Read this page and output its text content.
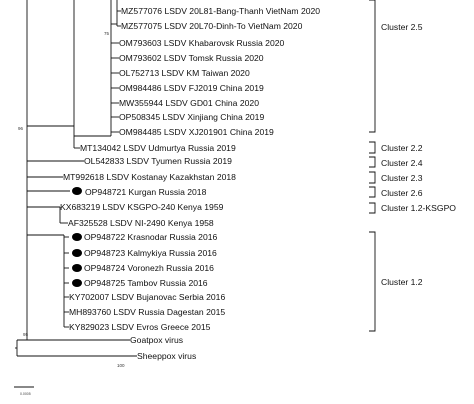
MZ577076 LSDV 20L81-Bang-Thanh VietNam 2020
MZ577075 LSDV 20L70-Dinh-To VietNam 2020
OM793603 LSDV Khabarovsk Russia 2020
OM793602 LSDV Tomsk Russia 2020
OL752713 LSDV KM Taiwan 2020
OM984486 LSDV FJ2019 China 2019
MW355944 LSDV GD01 China 2020
OP508345 LSDV Xinjiang China 2019
OM984485 LSDV XJ201901 China 2019
MT134042 LSDV Udmurtya Russia 2019
OL542833 LSDV Tyumen Russia 2019
MT992618 LSDV Kostanay Kazakhstan 2018
OP948721 Kurgan Russia 2018
KX683219 LSDV KSGPO-240 Kenya 1959
AF325528 LSDV NI-2490 Kenya 1958
OP948722 Krasnodar Russia 2016
OP948723 Kalmykiya Russia 2016
OP948724 Voronezh Russia 2016
OP948725 Tambov Russia 2016
KY702007 LSDV Bujanovac Serbia 2016
MH893760 LSDV Russia Dagestan 2015
KY829023 LSDV Evros Greece 2015
Goatpox virus
Sheeppox virus
75
96
95
100
Cluster 2.5
Cluster 2.2
Cluster 2.4
Cluster 2.3
Cluster 2.6
Cluster 1.2-KSGPO
Cluster 1.2
0.0005
